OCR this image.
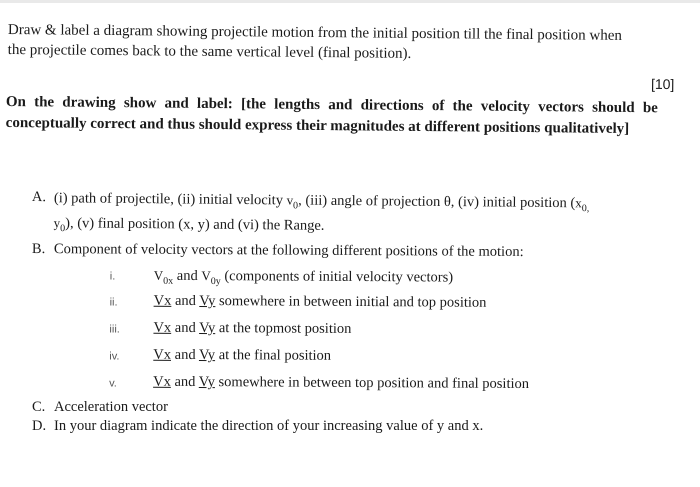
Draw & label a diagram showing projectile motion from the initial position till the final position when
the projectile comes back to the same vertical level (final position).
[10]
On the drawing show and label: [the lengths and directions of the velocity vectors should be conceptually correct and thus should express their magnitudes at different positions qualitatively]
A. (i) path of projectile, (ii) initial velocity $v_0$, (iii) angle of projection θ, (iv) initial position ($x_{0,}$
$y_0$), (v) final position (x, y) and (vi) the Range.
B. Component of velocity vectors at the following different positions of the motion:
i.	$V_{0x}$ and $V_{0y}$ (components of initial velocity vectors)
ii.	Vx and Vy somewhere in between initial and top position
iii.	Vx and Vy at the topmost position
iv.	Vx and Vy at the final position
v.	Vx and Vy somewhere in between top position and final position
C. Acceleration vector
D. In your diagram indicate the direction of your increasing value of y and x.
